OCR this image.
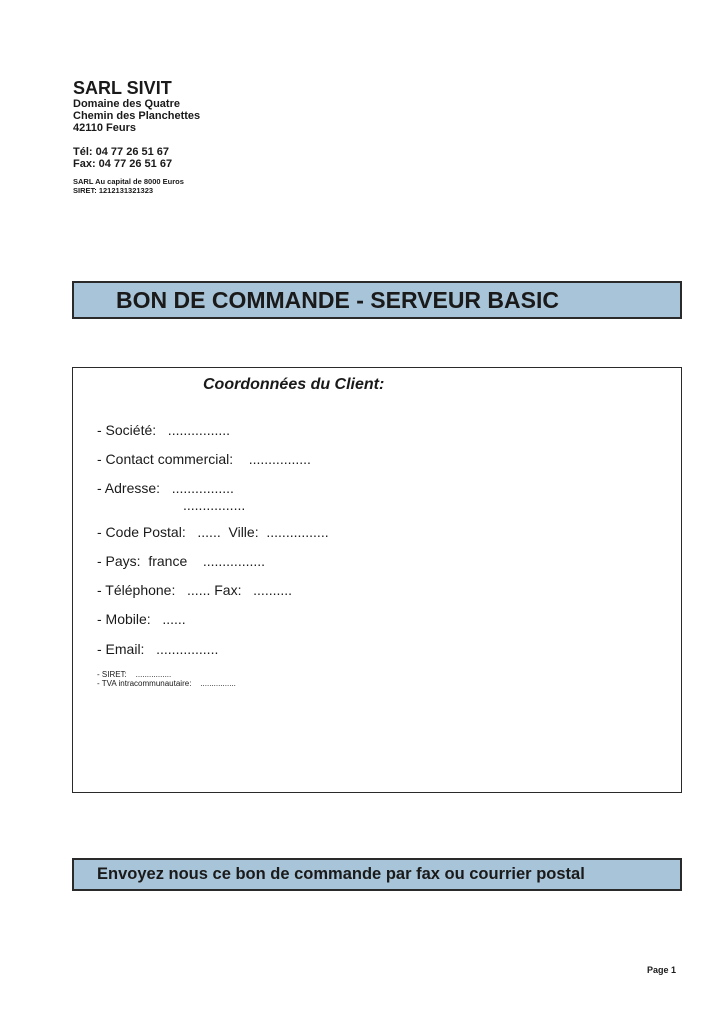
SARL SIVIT
Domaine des Quatre
Chemin des Planchettes
42110 Feurs
Tél: 04 77 26 51 67
Fax: 04 77 26 51 67
SARL Au capital de 8000 Euros
SIRET: 1212131321323
BON DE COMMANDE - SERVEUR BASIC
Coordonnées du Client:
- Société:   ................
- Contact commercial:    ................
- Adresse:   ................
................
- Code Postal:   ......  Ville:  ................
- Pays:  france    ................
- Téléphone:   ...... Fax:   ..........
- Mobile:   ......
- Email:   ................
- SIRET:    ................
- TVA intracommunautaire:    ................
Envoyez nous ce bon de commande par fax ou courrier postal
Page 1
